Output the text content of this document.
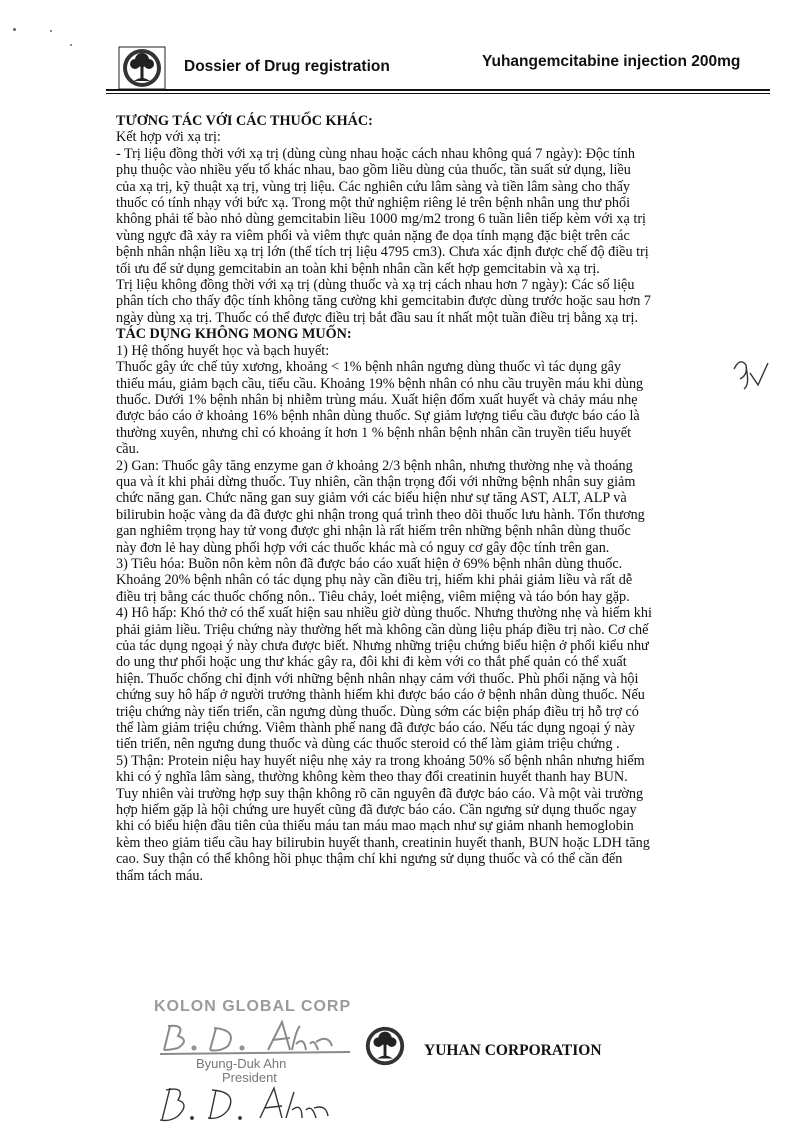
Dossier of Drug registration	Yuhangemcitabine injection 200mg
TƯƠNG TÁC VỚI CÁC THUỐC KHÁC:
Kết hợp với xạ trị:
- Trị liệu đồng thời với xạ trị (dùng cùng nhau hoặc cách nhau không quá 7 ngày): Độc tính
phụ thuộc vào nhiều yếu tố khác nhau, bao gồm liều dùng của thuốc, tần suất sử dụng, liều
của xạ trị, kỹ thuật xạ trị, vùng trị liệu. Các nghiên cứu lâm sàng và tiền lâm sàng cho thấy
thuốc có tính nhạy với bức xạ. Trong một thử nghiệm riêng lẻ trên bệnh nhân ung thư phổi
không phải tế bào nhỏ dùng gemcitabin liều 1000 mg/m2 trong 6 tuần liên tiếp kèm với xạ trị
vùng ngực đã xảy ra viêm phổi và viêm thực quản nặng đe dọa tính mạng đặc biệt trên các
bệnh nhân nhận liều xạ trị lớn (thể tích trị liệu 4795 cm3). Chưa xác định được chế độ điều trị
tối ưu để sử dụng gemcitabin an toàn khi bệnh nhân cần kết hợp gemcitabin và xạ trị.
Trị liệu không đồng thời với xạ trị (dùng thuốc và xạ trị cách nhau hơn 7 ngày): Các số liệu
phân tích cho thấy độc tính không tăng cường khi gemcitabin được dùng trước hoặc sau hơn 7
ngày dùng xạ trị. Thuốc có thể được điều trị bắt đầu sau ít nhất một tuần điều trị bằng xạ trị.
TÁC DỤNG KHÔNG MONG MUỐN:
1) Hệ thống huyết học và bạch huyết:
Thuốc gây ức chế tủy xương, khoảng < 1% bệnh nhân ngưng dùng thuốc vì tác dụng gây
thiếu máu, giảm bạch cầu, tiểu cầu. Khoảng 19% bệnh nhân có nhu cầu truyền máu khi dùng
thuốc. Dưới 1% bệnh nhân bị nhiễm trùng máu. Xuất hiện đốm xuất huyết và chảy máu nhẹ
được báo cáo ở khoảng 16% bệnh nhân dùng thuốc. Sự giảm lượng tiểu cầu được báo cáo là
thường xuyên, nhưng chỉ có khoảng ít hơn 1 % bệnh nhân bệnh nhân cần truyền tiểu huyết
cầu.
2) Gan: Thuốc gây tăng enzyme gan ở khoảng 2/3 bệnh nhân, nhưng thường nhẹ và thoáng
qua và ít khi phải dừng thuốc. Tuy nhiên, cần thận trọng đối với những bệnh nhân suy giảm
chức năng gan. Chức năng gan suy giảm với các biểu hiện như sự tăng AST, ALT, ALP và
bilirubin hoặc vàng da đã được ghi nhận trong quá trình theo dõi thuốc lưu hành. Tổn thương
gan nghiêm trọng hay tử vong được ghi nhận là rất hiếm trên những bệnh nhân dùng thuốc
này đơn lẻ hay dùng phối hợp với các thuốc khác mà có nguy cơ gây độc tính trên gan.
3) Tiêu hóa: Buồn nôn kèm nôn đã được báo cáo xuất hiện ở 69% bệnh nhân dùng thuốc.
Khoảng 20% bệnh nhân có tác dụng phụ này cần điều trị, hiếm khi phải giảm liều và rất dễ
điều trị bằng các thuốc chống nôn.. Tiêu chảy, loét miệng, viêm miệng và táo bón hay gặp.
4) Hô hấp: Khó thở có thể xuất hiện sau nhiều giờ dùng thuốc. Nhưng thường nhẹ và hiếm khi
phải giảm liều. Triệu chứng này thường hết mà không cần dùng liệu pháp điều trị nào. Cơ chế
của tác dụng ngoại ý này chưa được biết. Nhưng những triệu chứng biểu hiện ở phổi kiểu như
do ung thư phổi hoặc ung thư khác gây ra, đôi khi đi kèm với co thắt phế quản có thể xuất
hiện. Thuốc chống chỉ định với những bệnh nhân nhạy cảm với thuốc. Phù phổi nặng và hội
chứng suy hô hấp ở người trưởng thành hiếm khi được báo cáo ở bệnh nhân dùng thuốc. Nếu
triệu chứng này tiến triển, cần ngưng dùng thuốc. Dùng sớm các biện pháp điều trị hỗ trợ có
thể làm giảm triệu chứng. Viêm thành phế nang đã được báo cáo. Nếu tác dụng ngoại ý này
tiến triển, nên ngưng dung thuốc và dùng các thuốc steroid có thể làm giảm triệu chứng .
5) Thận: Protein niệu hay huyết niệu nhẹ xảy ra trong khoảng 50% số bệnh nhân nhưng hiếm
khi có ý nghĩa lâm sàng, thường không kèm theo thay đổi creatinin huyết thanh hay BUN.
Tuy nhiên vài trường hợp suy thận không rõ căn nguyên đã được báo cáo. Và một vài trường
hợp hiếm gặp là hội chứng ure huyết cũng đã được báo cáo. Cần ngưng sử dụng thuốc ngay
khi có biểu hiện đầu tiên của thiếu máu tan máu mao mạch như sự giảm nhanh hemoglobin
kèm theo giảm tiểu cầu hay bilirubin huyết thanh, creatinin huyết thanh, BUN hoặc LDH tăng
cao. Suy thận có thể không hồi phục thậm chí khi ngưng sử dụng thuốc và có thể cần đến
thẩm tách máu.
KOLON GLOBAL CORP
Byung-Duk Ahn
President
YUHAN CORPORATION
